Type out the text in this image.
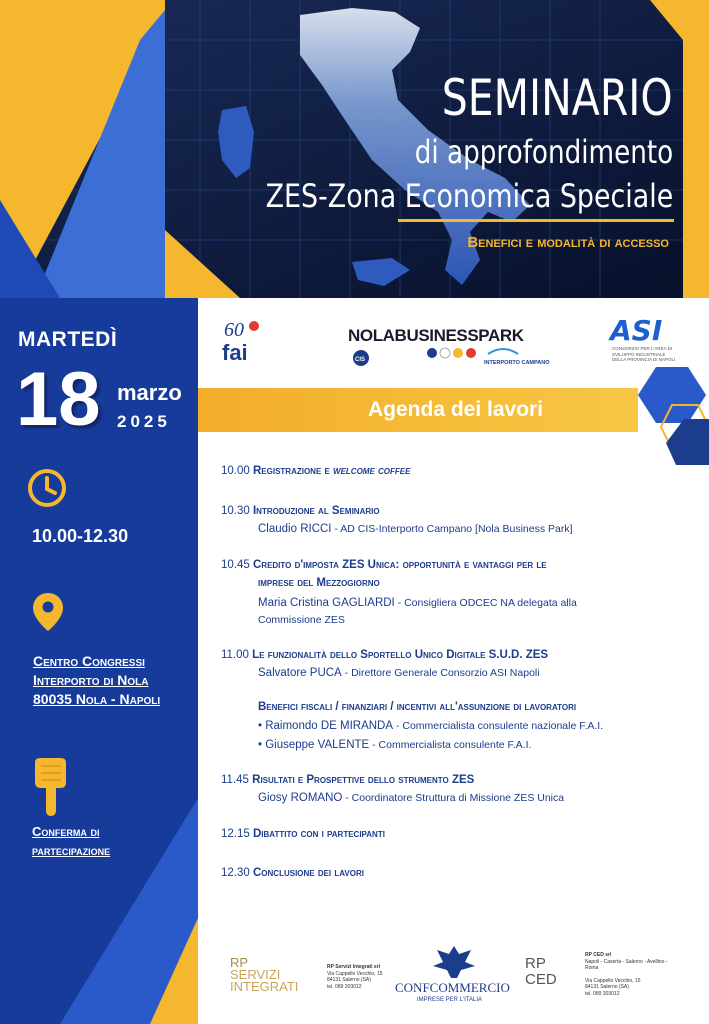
SEMINARIO
di approfondimento
ZES-Zona Economica Speciale
Benefici e modalità di accesso
MARTEDÌ
18 marzo
2025
10.00-12.30
Centro Congressi
Interporto di Nola
80035 Nola - Napoli
Conferma di
partecipazione
60
fai
NOLABUSINESSPARK
CIS	INTERPORTO CAMPANO
ASI
CONSORZIO PER L'AREA DI SVILUPPO INDUSTRIALE DELLA PROVINCIA DI NAPOLI
Agenda dei lavori
10.00 Registrazione e welcome coffee
10.30 Introduzione al Seminario
Claudio RICCI - AD CIS-Interporto Campano [Nola Business Park]
10.45 Credito d'imposta ZES Unica: opportunità e vantaggi per le
imprese del Mezzogiorno
Maria Cristina GAGLIARDI - Consigliera ODCEC NA delegata alla
Commissione ZES
11.00 Le funzionalità dello Sportello Unico Digitale S.U.D. ZES
Salvatore PUCA - Direttore Generale Consorzio ASI Napoli
Benefici fiscali / finanziari / incentivi all'assunzione di lavoratori
• Raimondo DE MIRANDA - Commercialista consulente nazionale F.A.I.
• Giuseppe VALENTE - Commercialista consulente F.A.I.
11.45 Risultati e Prospettive dello strumento ZES
Giosy ROMANO - Coordinatore Struttura di Missione ZES Unica
12.15 Dibattito con i partecipanti
12.30 Conclusione dei lavori
RP
SERVIZI
INTEGRATI
RP Servizi Integrati srl
Via Cappello Vecchio, 15
84131 Salerno (SA)
tel. 089 303012	CONFCOMMERCIO
IMPRESE PER L'ITALIA
RP
CED
RP CED srl
Napoli - Caserta - Salerno - Avellino - Roma
Via Cappello Vecchio, 15
84131 Salerno (SA)
tel. 089 303012
